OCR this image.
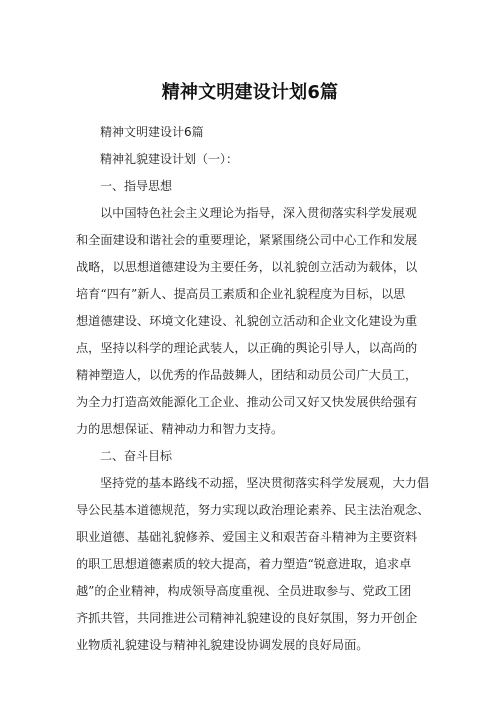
精神文明建设计划6篇
精神文明建设计6篇
精神礼貌建设计划（一）：
一、指导思想
以中国特色社会主义理论为指导，深入贯彻落实科学发展观
和全面建设和谐社会的重要理论，紧紧围绕公司中心工作和发展
战略，以思想道德建设为主要任务，以礼貌创立活动为载体，以
培育“四有”新人、提高员工素质和企业礼貌程度为目标，以思
想道德建设、环境文化建设、礼貌创立活动和企业文化建设为重
点，坚持以科学的理论武装人，以正确的舆论引导人，以高尚的
精神塑造人，以优秀的作品鼓舞人，团结和动员公司广大员工，
为全力打造高效能源化工企业、推动公司又好又快发展供给强有
力的思想保证、精神动力和智力支持。
二、奋斗目标
坚持党的基本路线不动摇，坚决贯彻落实科学发展观，大力倡
导公民基本道德规范，努力实现以政治理论素养、民主法治观念、
职业道德、基础礼貌修养、爱国主义和艰苦奋斗精神为主要资料
的职工思想道德素质的较大提高，着力塑造“锐意进取，追求卓
越”的企业精神，构成领导高度重视、全员进取参与、党政工团
齐抓共管，共同推进公司精神礼貌建设的良好氛围，努力开创企
业物质礼貌建设与精神礼貌建设协调发展的良好局面。
